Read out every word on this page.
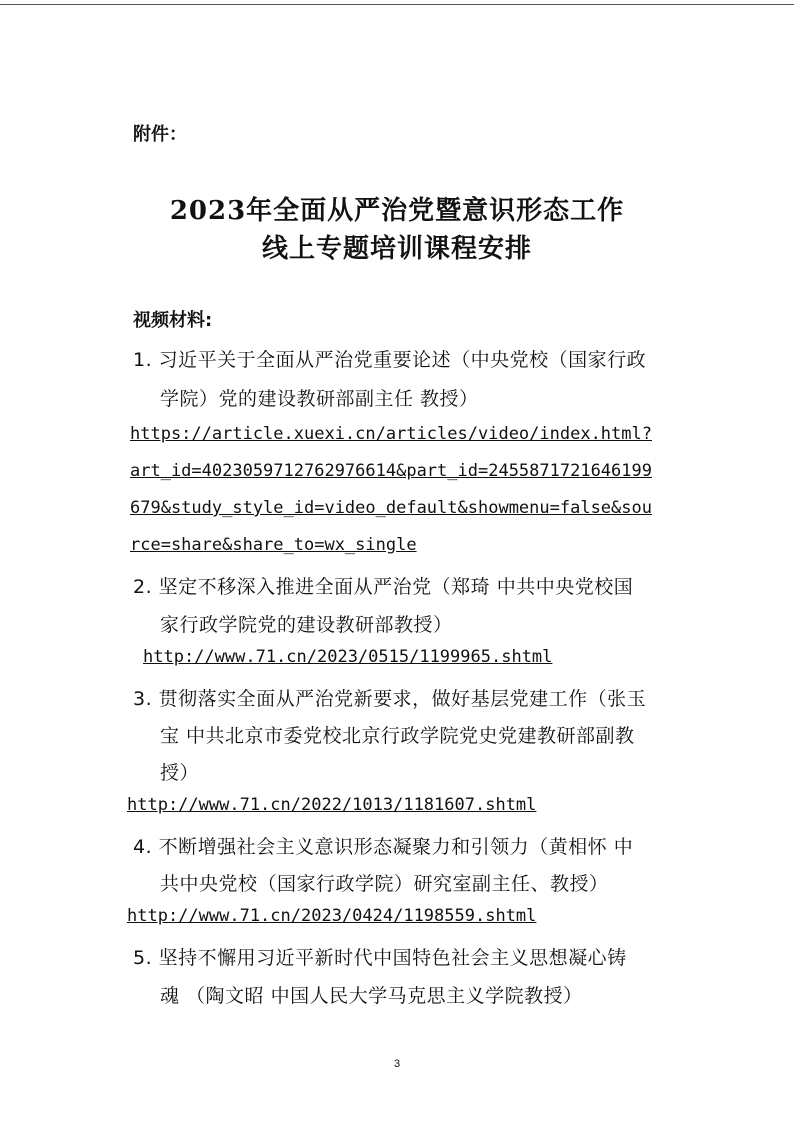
附件：
2023年全面从严治党暨意识形态工作
线上专题培训课程安排
视频材料:
1. 习近平关于全面从严治党重要论述（中央党校（国家行政
学院）党的建设教研部副主任 教授）
https://article.xuexi.cn/articles/video/index.html?
art_id=4023059712762976614&part_id=2455871721646199
679&study_style_id=video_default&showmenu=false&sou
rce=share&share_to=wx_single
2. 坚定不移深入推进全面从严治党（郑琦 中共中央党校国
家行政学院党的建设教研部教授）
http://www.71.cn/2023/0515/1199965.shtml
3. 贯彻落实全面从严治党新要求，做好基层党建工作（张玉
宝 中共北京市委党校北京行政学院党史党建教研部副教
授）
http://www.71.cn/2022/1013/1181607.shtml
4. 不断增强社会主义意识形态凝聚力和引领力（黄相怀 中
共中央党校（国家行政学院）研究室副主任、教授）
http://www.71.cn/2023/0424/1198559.shtml
5. 坚持不懈用习近平新时代中国特色社会主义思想凝心铸
魂 （陶文昭 中国人民大学马克思主义学院教授）
3
